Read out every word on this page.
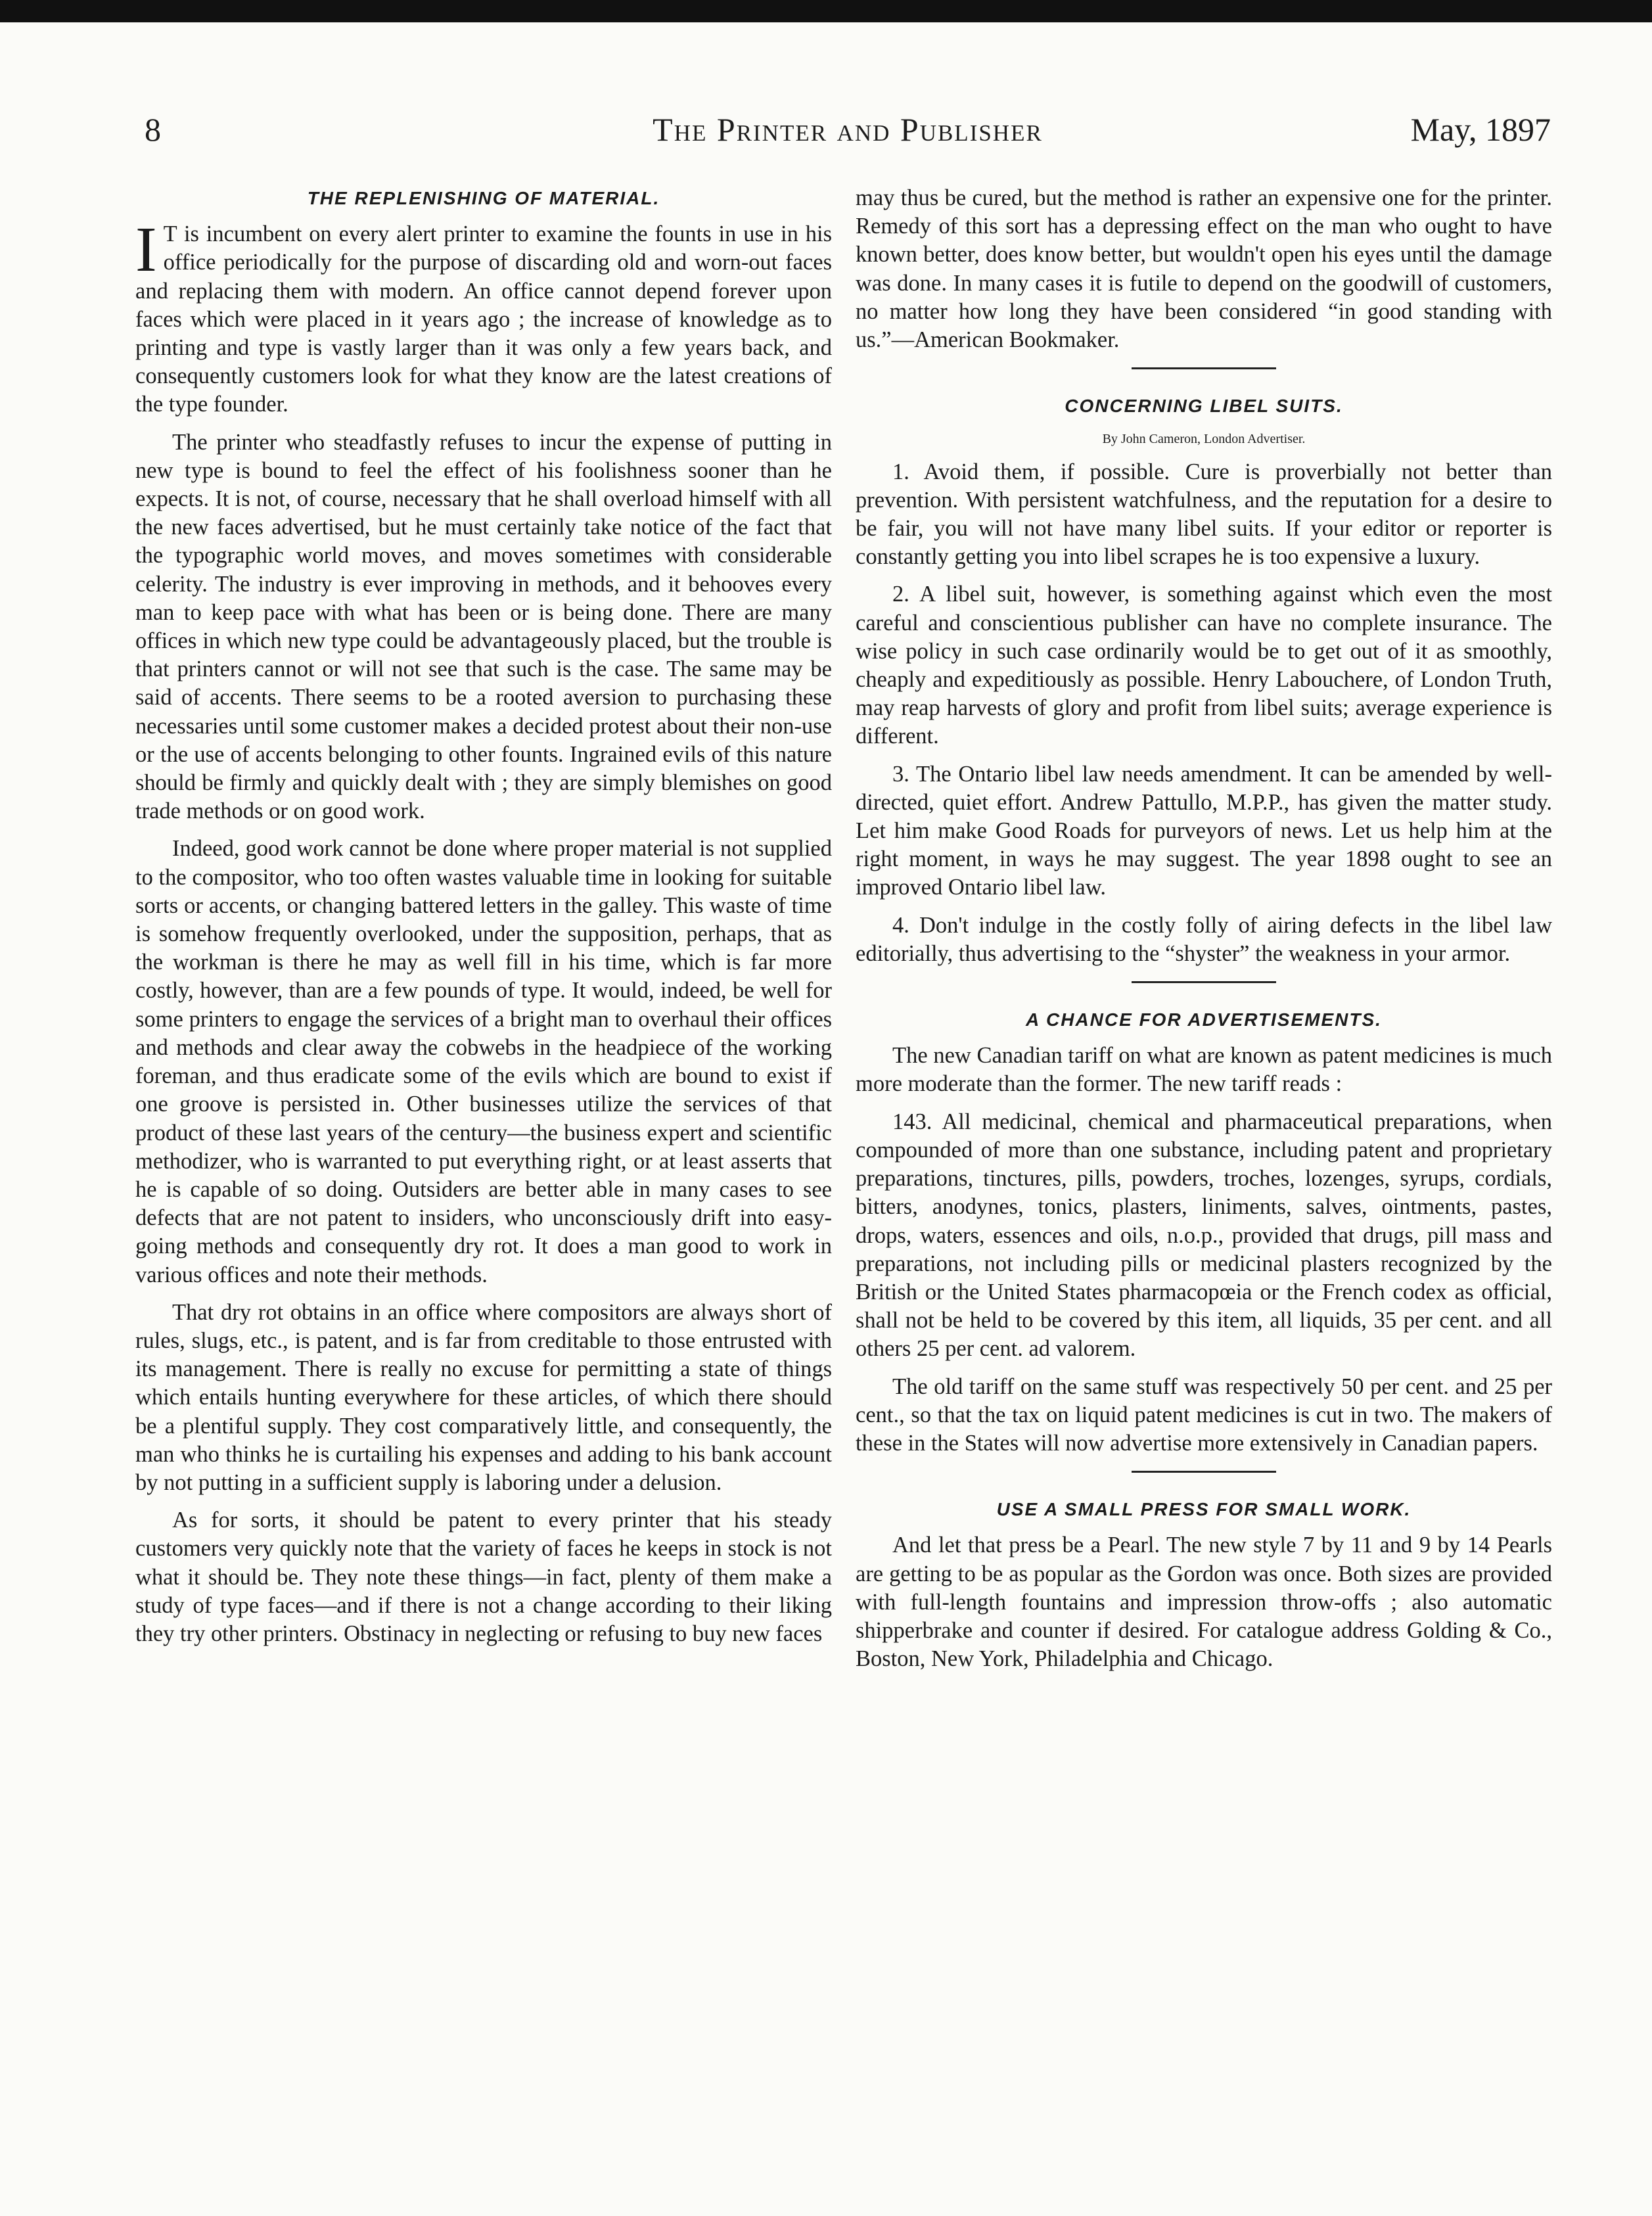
8	The Printer and Publisher	May, 1897
THE REPLENISHING OF MATERIAL.

I T is incumbent on every alert printer to examine the founts in use in his office periodically for the purpose of discarding old and worn-out faces and replacing them with modern. An office cannot depend forever upon faces which were placed in it years ago ; the increase of knowledge as to printing and type is vastly larger than it was only a few years back, and consequently customers look for what they know are the latest creations of the type founder.

The printer who steadfastly refuses to incur the expense of putting in new type is bound to feel the effect of his foolishness sooner than he expects. It is not, of course, necessary that he shall overload himself with all the new faces advertised, but he must certainly take notice of the fact that the typographic world moves, and moves sometimes with considerable celerity. The industry is ever improving in methods, and it behooves every man to keep pace with what has been or is being done. There are many offices in which new type could be advantageously placed, but the trouble is that printers cannot or will not see that such is the case. The same may be said of accents. There seems to be a rooted aversion to purchasing these necessaries until some customer makes a decided protest about their non-use or the use of accents belonging to other founts. Ingrained evils of this nature should be firmly and quickly dealt with ; they are simply blemishes on good trade methods or on good work.

Indeed, good work cannot be done where proper material is not supplied to the compositor, who too often wastes valuable time in looking for suitable sorts or accents, or changing battered letters in the galley. This waste of time is somehow frequently overlooked, under the supposition, perhaps, that as the workman is there he may as well fill in his time, which is far more costly, however, than are a few pounds of type. It would, indeed, be well for some printers to engage the services of a bright man to overhaul their offices and methods and clear away the cobwebs in the headpiece of the working foreman, and thus eradicate some of the evils which are bound to exist if one groove is persisted in. Other businesses utilize the services of that product of these last years of the century—the business expert and scientific methodizer, who is warranted to put everything right, or at least asserts that he is capable of so doing. Outsiders are better able in many cases to see defects that are not patent to insiders, who unconsciously drift into easy-going methods and consequently dry rot. It does a man good to work in various offices and note their methods.

That dry rot obtains in an office where compositors are always short of rules, slugs, etc., is patent, and is far from creditable to those entrusted with its management. There is really no excuse for permitting a state of things which entails hunting everywhere for these articles, of which there should be a plentiful supply. They cost comparatively little, and consequently, the man who thinks he is curtailing his expenses and adding to his bank account by not putting in a sufficient supply is laboring under a delusion.

As for sorts, it should be patent to every printer that his steady customers very quickly note that the variety of faces he keeps in stock is not what it should be. They note these things—in fact, plenty of them make a study of type faces—and if there is not a change according to their liking they try other printers. Obstinacy in neglecting or refusing to buy new faces

may thus be cured, but the method is rather an expensive one for the printer. Remedy of this sort has a depressing effect on the man who ought to have known better, does know better, but wouldn't open his eyes until the damage was done. In many cases it is futile to depend on the goodwill of customers, no matter how long they have been considered “in good standing with us.”—American Bookmaker.

CONCERNING LIBEL SUITS.
By John Cameron, London Advertiser.

1. Avoid them, if possible. Cure is proverbially not better than prevention. With persistent watchfulness, and the reputation for a desire to be fair, you will not have many libel suits. If your editor or reporter is constantly getting you into libel scrapes he is too expensive a luxury.

2. A libel suit, however, is something against which even the most careful and conscientious publisher can have no complete insurance. The wise policy in such case ordinarily would be to get out of it as smoothly, cheaply and expeditiously as possible. Henry Labouchere, of London Truth, may reap harvests of glory and profit from libel suits; average experience is different.

3. The Ontario libel law needs amendment. It can be amended by well-directed, quiet effort. Andrew Pattullo, M.P.P., has given the matter study. Let him make Good Roads for purveyors of news. Let us help him at the right moment, in ways he may suggest. The year 1898 ought to see an improved Ontario libel law.

4. Don't indulge in the costly folly of airing defects in the libel law editorially, thus advertising to the “shyster” the weakness in your armor.

A CHANCE FOR ADVERTISEMENTS.

The new Canadian tariff on what are known as patent medicines is much more moderate than the former. The new tariff reads :

143. All medicinal, chemical and pharmaceutical preparations, when compounded of more than one substance, including patent and proprietary preparations, tinctures, pills, powders, troches, lozenges, syrups, cordials, bitters, anodynes, tonics, plasters, liniments, salves, ointments, pastes, drops, waters, essences and oils, n.o.p., provided that drugs, pill mass and preparations, not including pills or medicinal plasters recognized by the British or the United States pharmacopœia or the French codex as official, shall not be held to be covered by this item, all liquids, 35 per cent. and all others 25 per cent. ad valorem.

The old tariff on the same stuff was respectively 50 per cent. and 25 per cent., so that the tax on liquid patent medicines is cut in two. The makers of these in the States will now advertise more extensively in Canadian papers.

USE A SMALL PRESS FOR SMALL WORK.

And let that press be a Pearl. The new style 7 by 11 and 9 by 14 Pearls are getting to be as popular as the Gordon was once. Both sizes are provided with full-length fountains and impression throw-offs ; also automatic shipperbrake and counter if desired. For catalogue address Golding & Co., Boston, New York, Philadelphia and Chicago.
